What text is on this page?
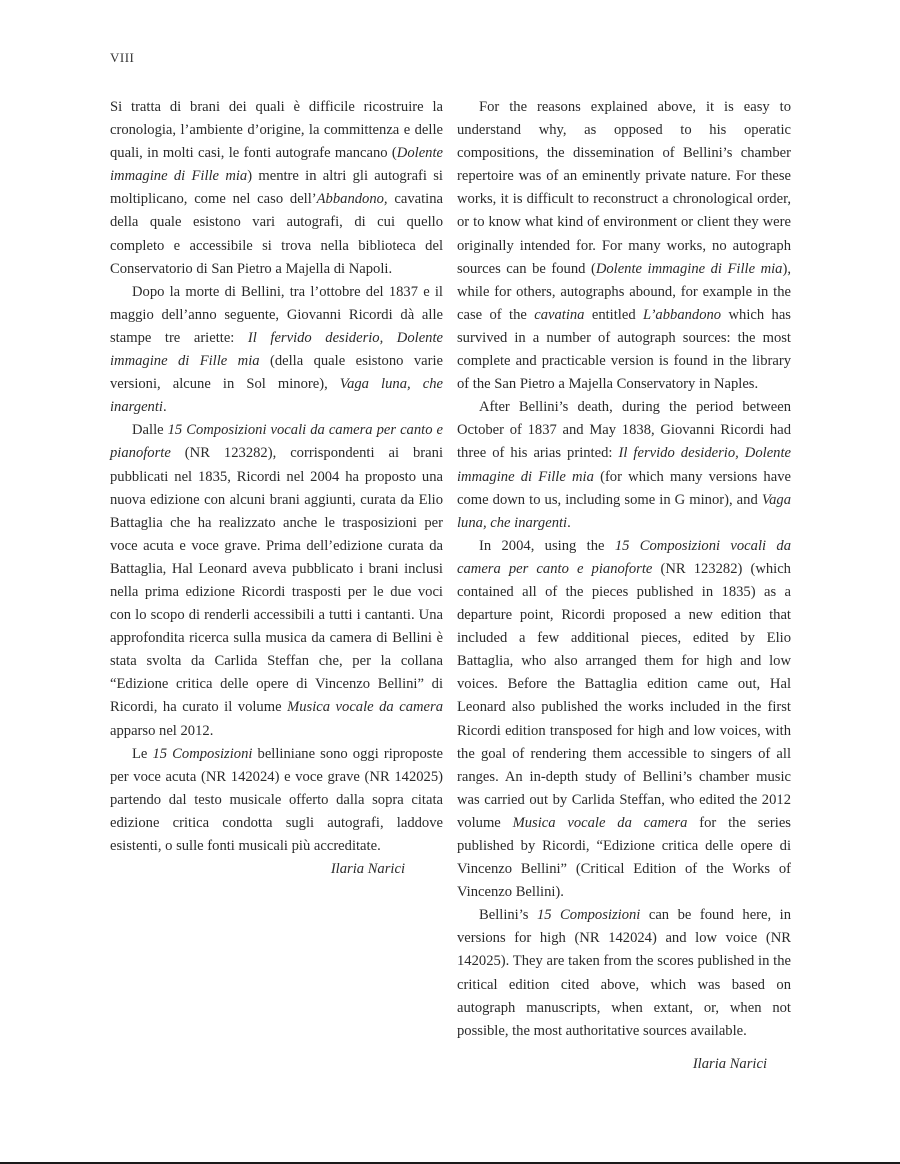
VIII

Si tratta di brani dei quali è difficile ricostruire la cronologia, l’ambiente d’origine, la committenza e delle quali, in molti casi, le fonti autografe mancano (Dolente immagine di Fille mia) mentre in altri gli autografi si moltiplicano, come nel caso dell’Abbandono, cavatina della quale esistono vari autografi, di cui quello completo e accessibile si trova nella biblioteca del Conservatorio di San Pietro a Majella di Napoli.

Dopo la morte di Bellini, tra l’ottobre del 1837 e il maggio dell’anno seguente, Giovanni Ricordi dà alle stampe tre ariette: Il fervido desiderio, Dolente immagine di Fille mia (della quale esistono varie versioni, alcune in Sol minore), Vaga luna, che inargenti.

Dalle 15 Composizioni vocali da camera per canto e pianoforte (NR 123282), corrispondenti ai brani pubblicati nel 1835, Ricordi nel 2004 ha proposto una nuova edizione con alcuni brani aggiunti, curata da Elio Battaglia che ha realizzato anche le trasposizioni per voce acuta e voce grave. Prima dell’edizione curata da Battaglia, Hal Leonard aveva pubblicato i brani inclusi nella prima edizione Ricordi trasposti per le due voci con lo scopo di renderli accessibili a tutti i cantanti. Una approfondita ricerca sulla musica da camera di Bellini è stata svolta da Carlida Steffan che, per la collana “Edizione critica delle opere di Vincenzo Bellini” di Ricordi, ha curato il volume Musica vocale da camera apparso nel 2012.

Le 15 Composizioni belliniane sono oggi riproposte per voce acuta (NR 142024) e voce grave (NR 142025) partendo dal testo musicale offerto dalla sopra citata edizione critica condotta sugli autografi, laddove esistenti, o sulle fonti musicali più accreditate.

Ilaria Narici

For the reasons explained above, it is easy to understand why, as opposed to his operatic compositions, the dissemination of Bellini’s chamber repertoire was of an eminently private nature. For these works, it is difficult to reconstruct a chronological order, or to know what kind of environment or client they were originally intended for. For many works, no autograph sources can be found (Dolente immagine di Fille mia), while for others, autographs abound, for example in the case of the cavatina entitled L’abbandono which has survived in a number of autograph sources: the most complete and practicable version is found in the library of the San Pietro a Majella Conservatory in Naples.

After Bellini’s death, during the period between October of 1837 and May 1838, Giovanni Ricordi had three of his arias printed: Il fervido desiderio, Dolente immagine di Fille mia (for which many versions have come down to us, including some in G minor), and Vaga luna, che inargenti.

In 2004, using the 15 Composizioni vocali da camera per canto e pianoforte (NR 123282) (which contained all of the pieces published in 1835) as a departure point, Ricordi proposed a new edition that included a few additional pieces, edited by Elio Battaglia, who also arranged them for high and low voices. Before the Battaglia edition came out, Hal Leonard also published the works included in the first Ricordi edition transposed for high and low voices, with the goal of rendering them accessible to singers of all ranges. An in-depth study of Bellini’s chamber music was carried out by Carlida Steffan, who edited the 2012 volume Musica vocale da camera for the series published by Ricordi, “Edizione critica delle opere di Vincenzo Bellini” (Critical Edition of the Works of Vincenzo Bellini).

Bellini’s 15 Composizioni can be found here, in versions for high (NR 142024) and low voice (NR 142025). They are taken from the scores published in the critical edition cited above, which was based on autograph manuscripts, when extant, or, when not possible, the most authoritative sources available.

Ilaria Narici
